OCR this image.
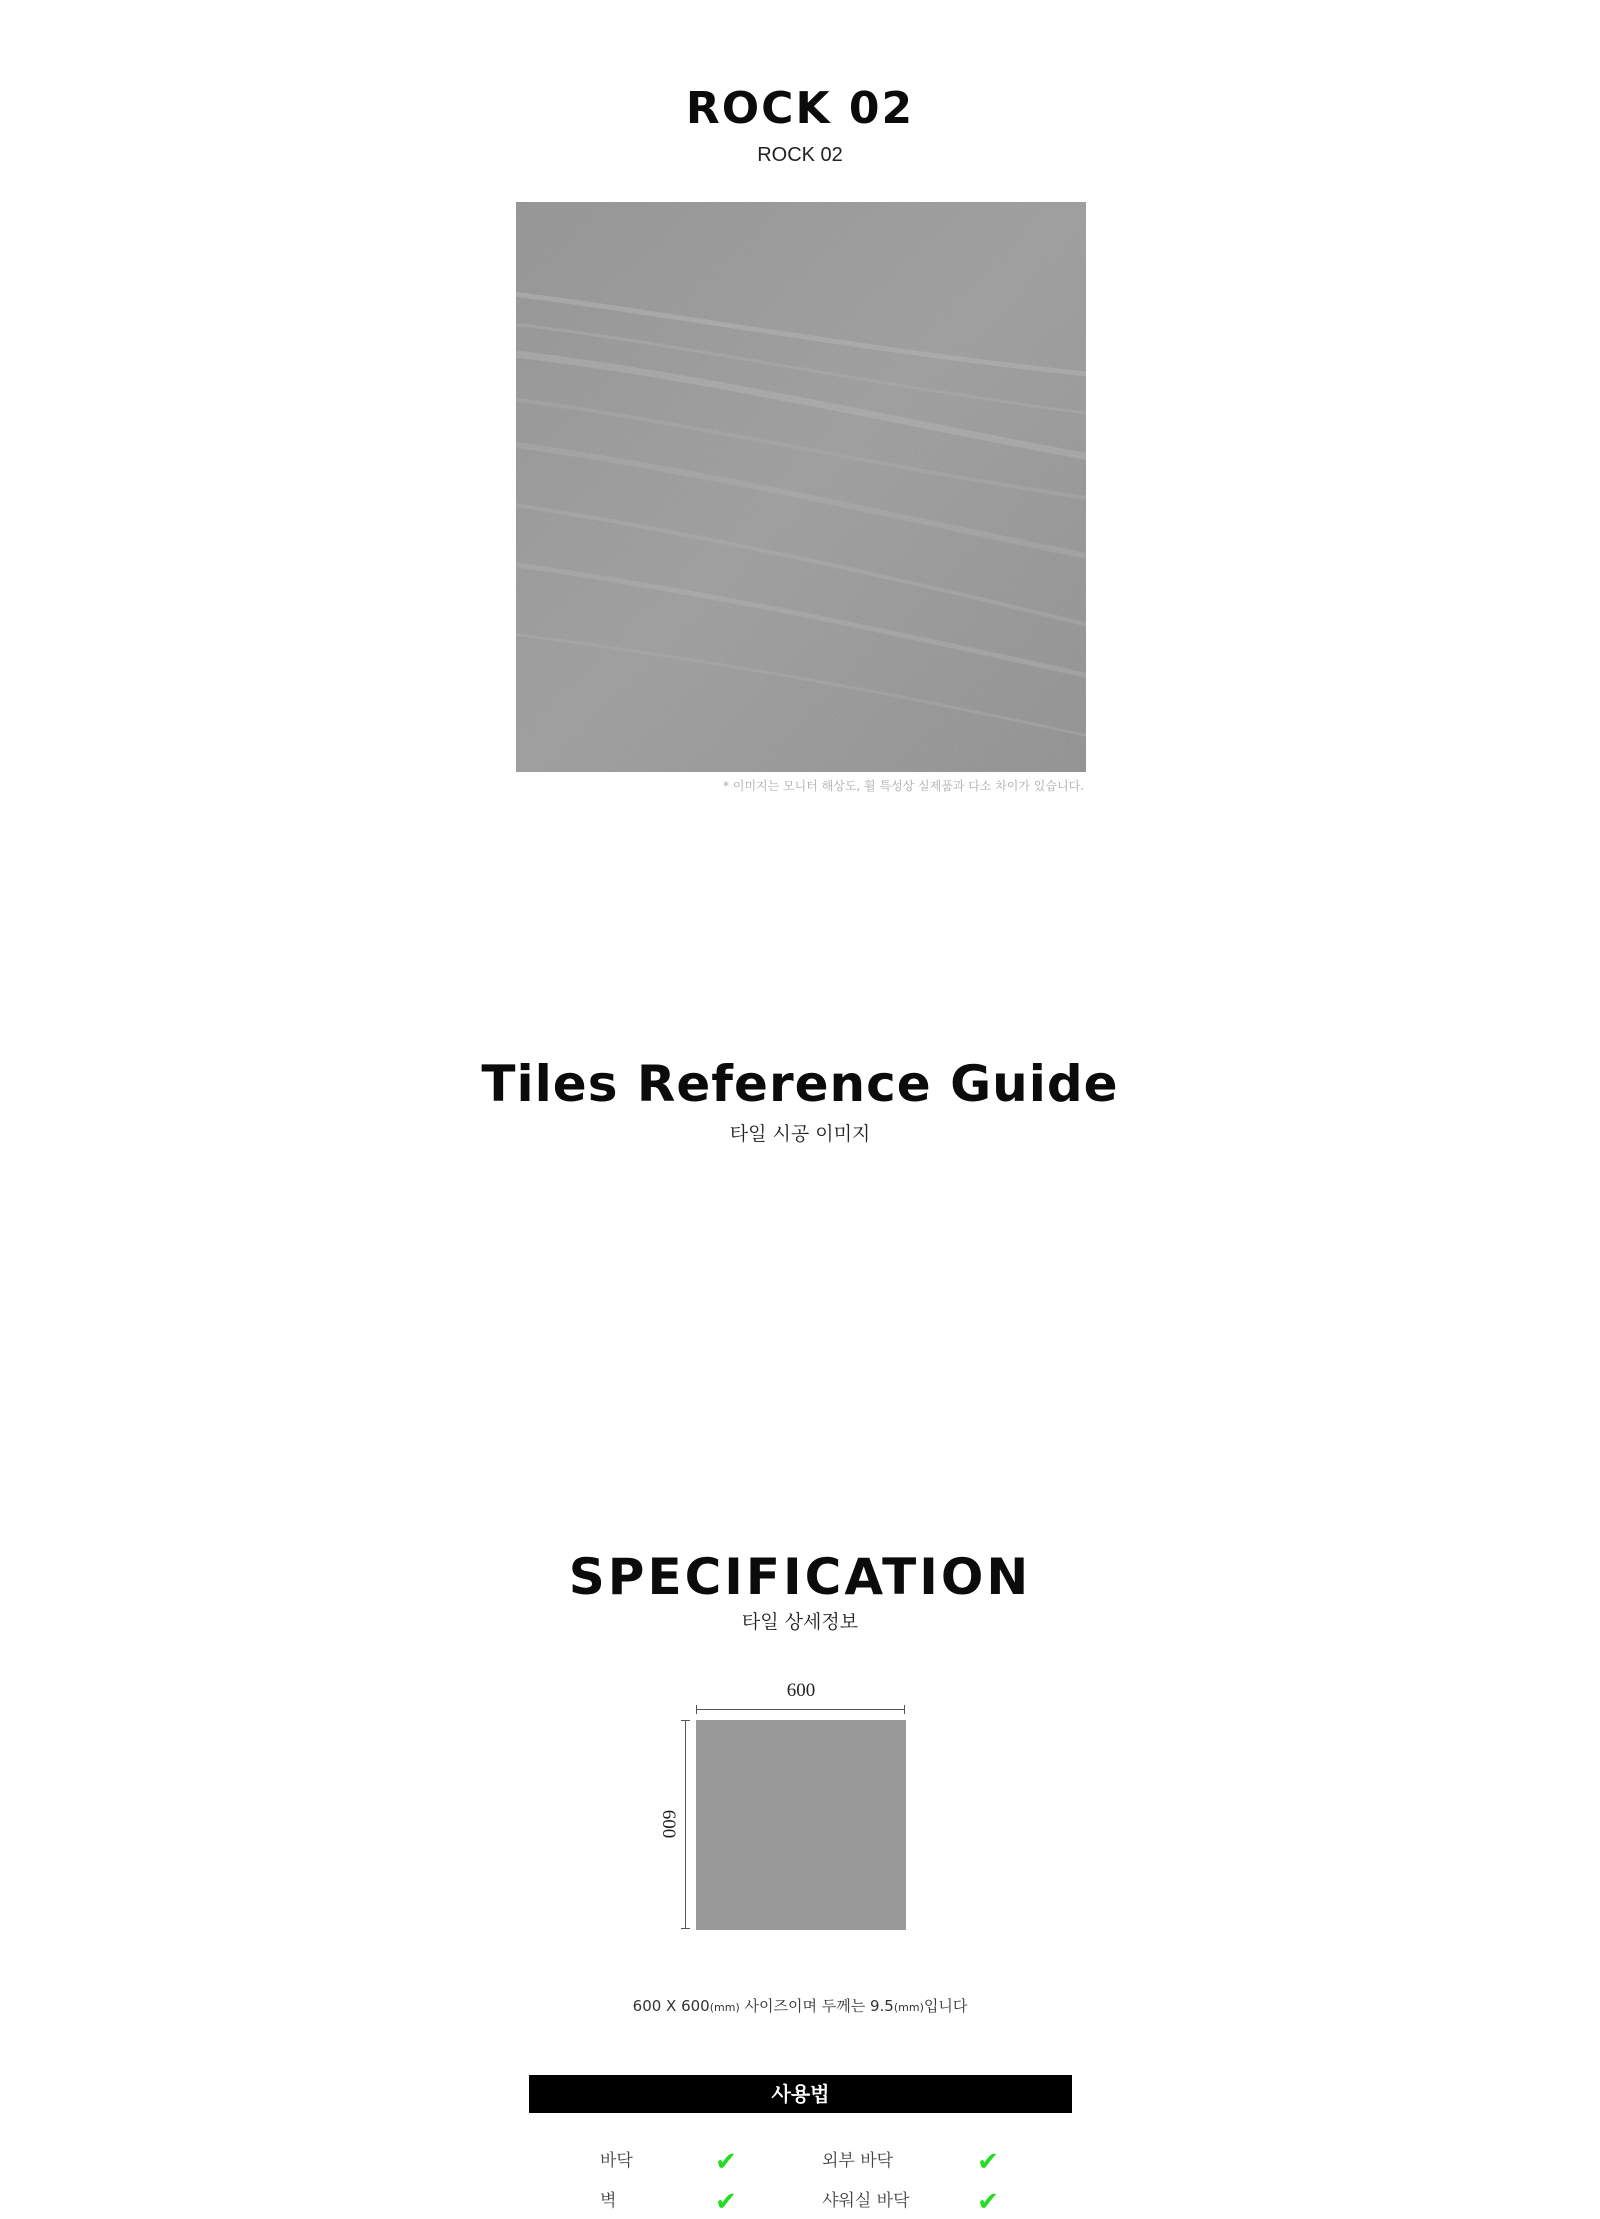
ROCK 02
ROCK 02
* 이미지는 모니터 해상도, 휠 특성상 실제품과 다소 차이가 있습니다.
Tiles Reference Guide
타일 시공 이미지
SPECIFICATION
타일 상세정보
600
600
600 X 600(mm) 사이즈이며 두께는 9.5(mm)입니다
사용법
바닥	✔	외부 바닥	✔
벽	✔	샤워실 바닥	✔
